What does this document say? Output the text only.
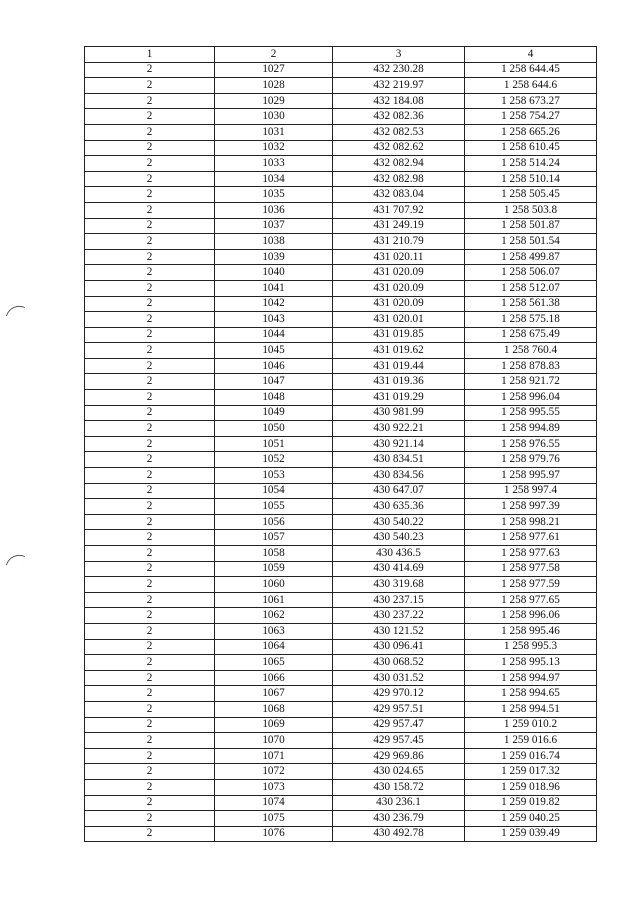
1	2	3	4
2	1027	432 230.28	1 258 644.45
2	1028	432 219.97	1 258 644.6
2	1029	432 184.08	1 258 673.27
2	1030	432 082.36	1 258 754.27
2	1031	432 082.53	1 258 665.26
2	1032	432 082.62	1 258 610.45
2	1033	432 082.94	1 258 514.24
2	1034	432 082.98	1 258 510.14
2	1035	432 083.04	1 258 505.45
2	1036	431 707.92	1 258 503.8
2	1037	431 249.19	1 258 501.87
2	1038	431 210.79	1 258 501.54
2	1039	431 020.11	1 258 499.87
2	1040	431 020.09	1 258 506.07
2	1041	431 020.09	1 258 512.07
2	1042	431 020.09	1 258 561.38
2	1043	431 020.01	1 258 575.18
2	1044	431 019.85	1 258 675.49
2	1045	431 019.62	1 258 760.4
2	1046	431 019.44	1 258 878.83
2	1047	431 019.36	1 258 921.72
2	1048	431 019.29	1 258 996.04
2	1049	430 981.99	1 258 995.55
2	1050	430 922.21	1 258 994.89
2	1051	430 921.14	1 258 976.55
2	1052	430 834.51	1 258 979.76
2	1053	430 834.56	1 258 995.97
2	1054	430 647.07	1 258 997.4
2	1055	430 635.36	1 258 997.39
2	1056	430 540.22	1 258 998.21
2	1057	430 540.23	1 258 977.61
2	1058	430 436.5	1 258 977.63
2	1059	430 414.69	1 258 977.58
2	1060	430 319.68	1 258 977.59
2	1061	430 237.15	1 258 977.65
2	1062	430 237.22	1 258 996.06
2	1063	430 121.52	1 258 995.46
2	1064	430 096.41	1 258 995.3
2	1065	430 068.52	1 258 995.13
2	1066	430 031.52	1 258 994.97
2	1067	429 970.12	1 258 994.65
2	1068	429 957.51	1 258 994.51
2	1069	429 957.47	1 259 010.2
2	1070	429 957.45	1 259 016.6
2	1071	429 969.86	1 259 016.74
2	1072	430 024.65	1 259 017.32
2	1073	430 158.72	1 259 018.96
2	1074	430 236.1	1 259 019.82
2	1075	430 236.79	1 259 040.25
2	1076	430 492.78	1 259 039.49
